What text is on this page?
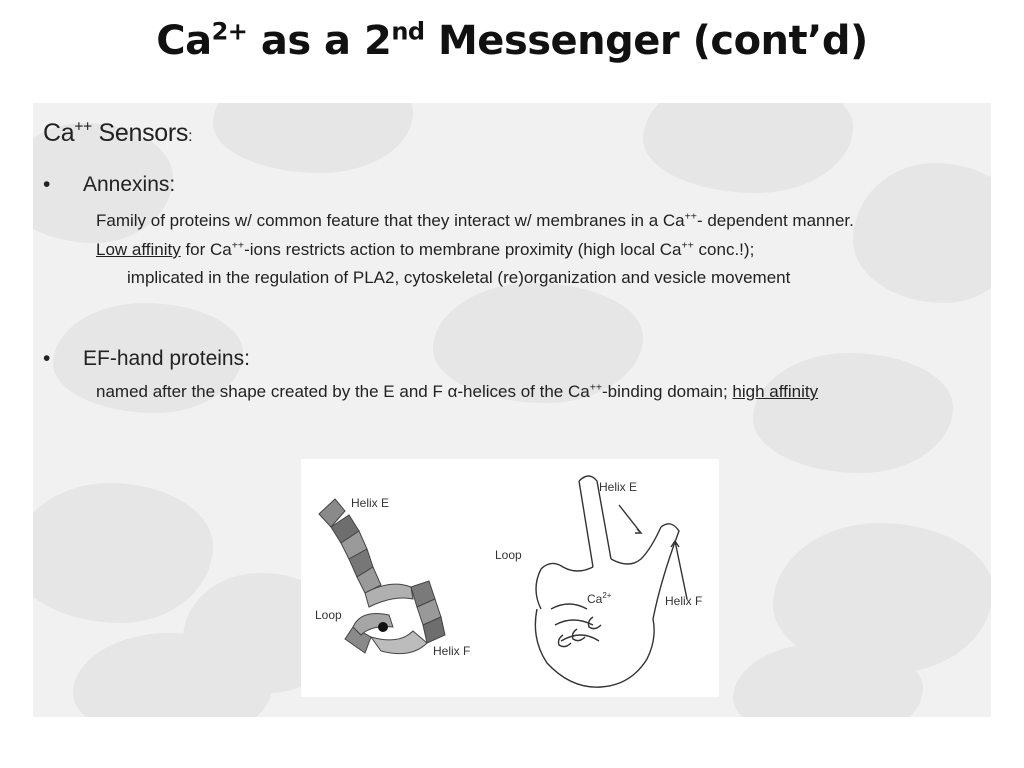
$Ca^{2+}$ as a 2nd Messenger (cont’d)
Ca++ Sensors:
• Annexins:
Family of proteins w/ common feature that they interact w/ membranes in a Ca++- dependent manner.
Low affinity for Ca++-ions restricts action to membrane proximity (high local Ca++ conc.!);
implicated in the regulation of PLA2, cytoskeletal (re)organization and vesicle movement
• EF-hand proteins:
named after the shape created by the E and F α-helices of the Ca++-binding domain; high affinity
Helix E
Loop
Helix F
Helix E
Loop
$Ca^{2+}$	Helix F
